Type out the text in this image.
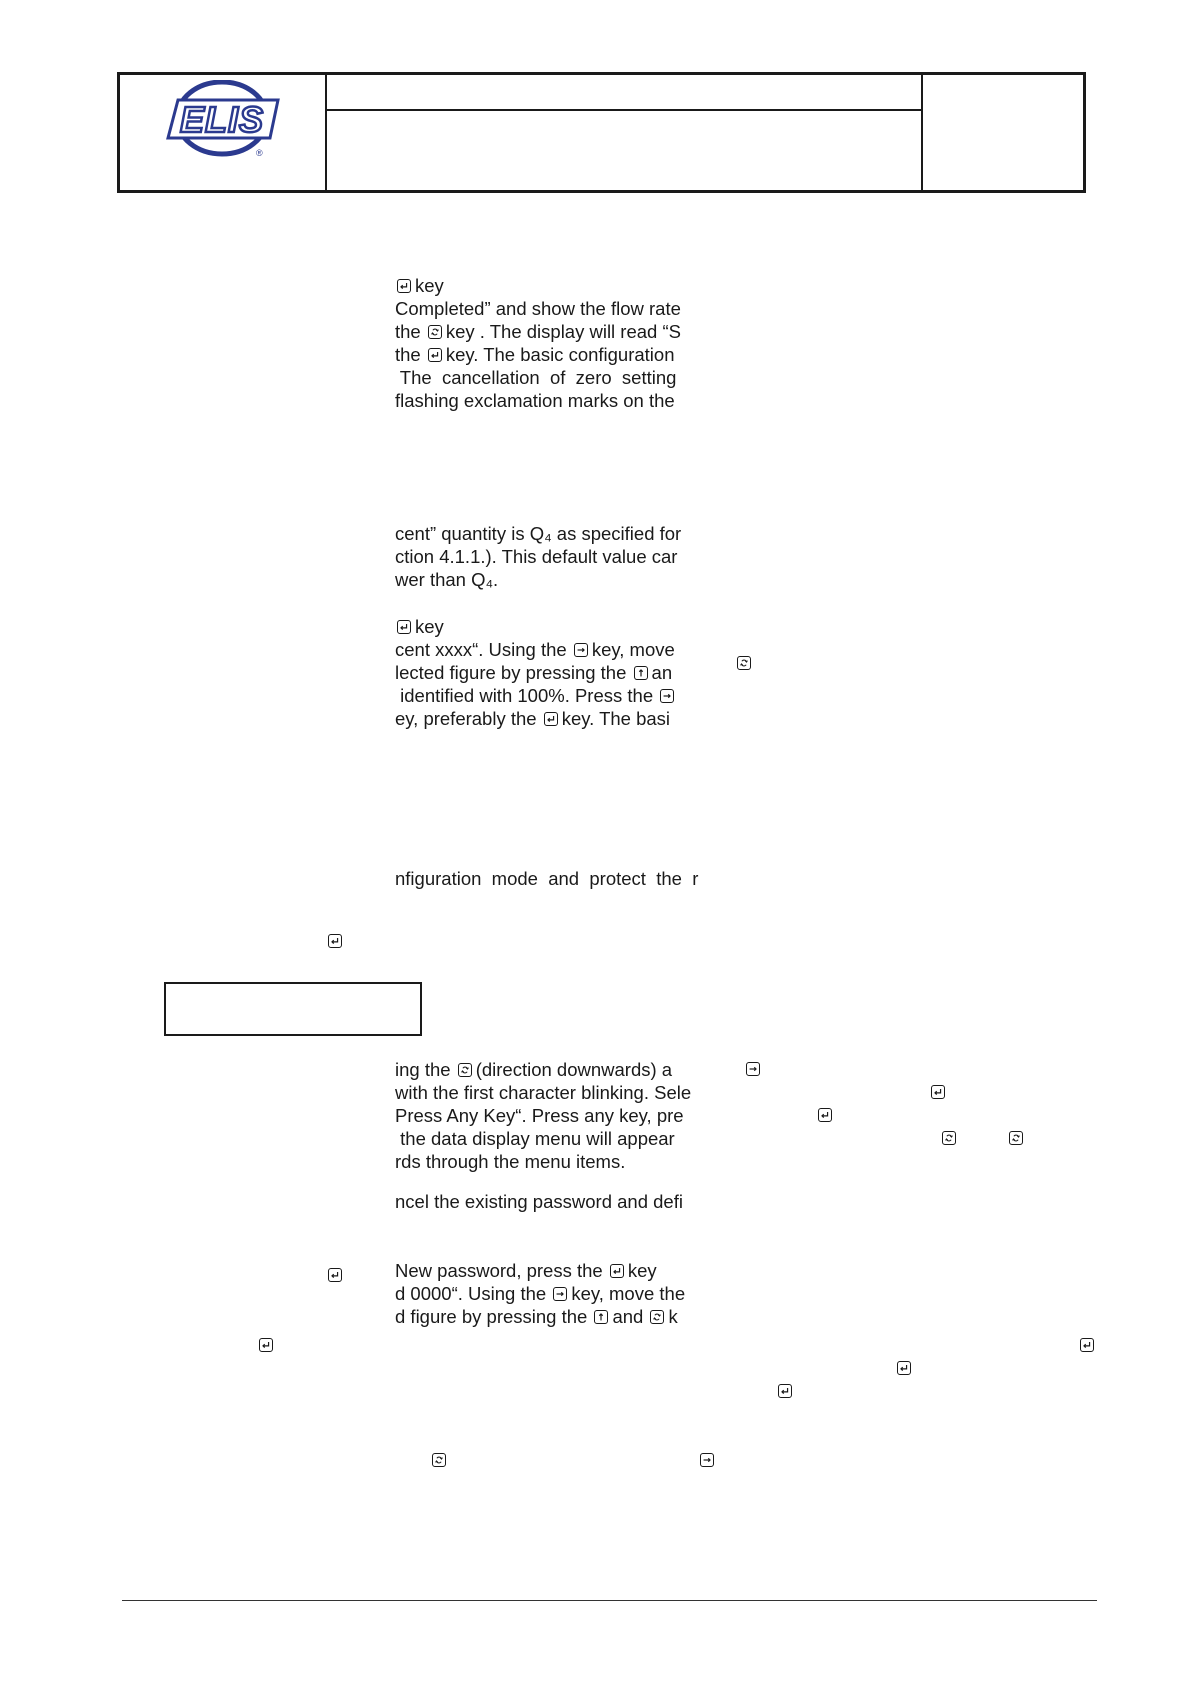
ELIS
®
key
Completed” and show the flow rate
the key . The display will read “S
the key. The basic configuration
The  cancellation  of  zero  setting
flashing exclamation marks on the
cent” quantity is Q₄ as specified for
ction 4.1.1.). This default value car
wer than Q₄.
key
cent xxxx“. Using the key, move
lected figure by pressing the an
identified with 100%. Press the
ey, preferably the key. The basi
nfiguration  mode  and  protect  the  r
ing the (direction downwards) a
with the first character blinking. Sele
Press Any Key“. Press any key, pre
the data display menu will appear
rds through the menu items.
ncel the existing password and defi
New password, press the key
d 0000“. Using the key, move the
d figure by pressing the and k
